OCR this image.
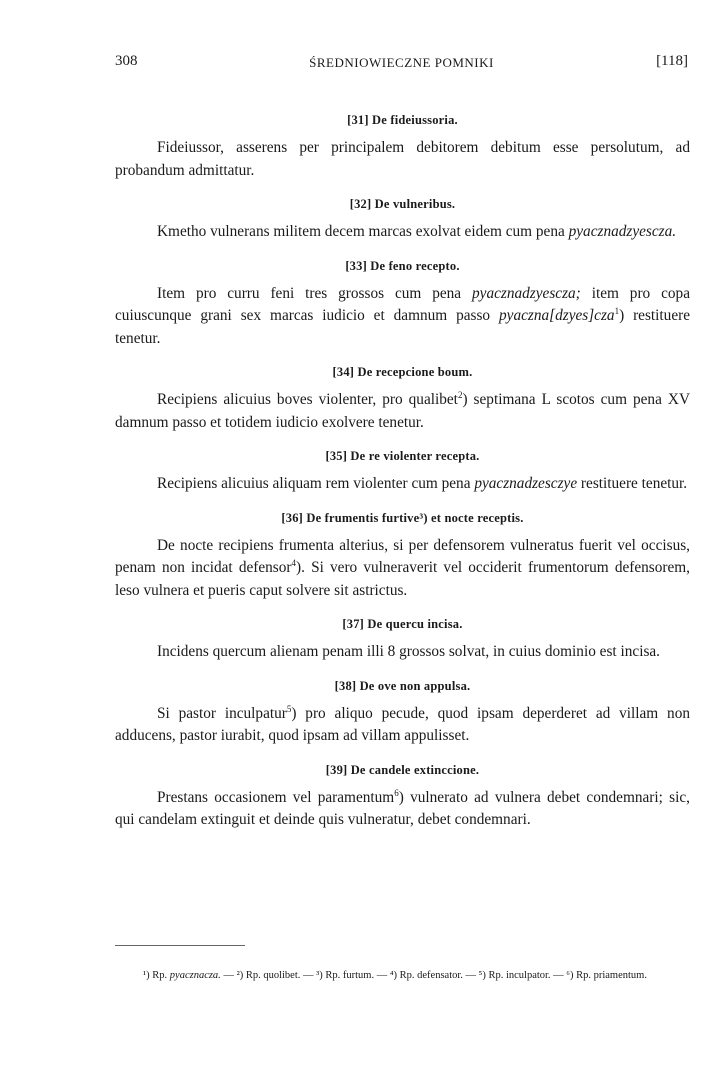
308	ŚREDNIOWIECZNE POMNIKI	[118]
[31] De fideiussoria.

Fideiussor, asserens per principalem debitorem debitum esse persolutum, ad probandum admittatur.

[32] De vulneribus.

Kmetho vulnerans militem decem marcas exolvat eidem cum pena pyacznadzyescza.

[33] De feno recepto.

Item pro curru feni tres grossos cum pena pyacznadzyescza; item pro copa cuiuscunque grani sex marcas iudicio et damnum passo pyaczna[dzyes]cza$^1$) restituere tenetur.

[34] De recepcione boum.

Recipiens alicuius boves violenter, pro qualibet$^2$) septimana L scotos cum pena XV damnum passo et totidem iudicio exolvere tenetur.

[35] De re violenter recepta.

Recipiens alicuius aliquam rem violenter cum pena pyacznadzesczye restituere tenetur.

[36] De frumentis furtive³) et nocte receptis.

De nocte recipiens frumenta alterius, si per defensorem vulneratus fuerit vel occisus, penam non incidat defensor$^4$). Si vero vulneraverit vel occiderit frumentorum defensorem, leso vulnera et pueris caput solvere sit astrictus.

[37] De quercu incisa.

Incidens quercum alienam penam illi 8 grossos solvat, in cuius dominio est incisa.

[38] De ove non appulsa.

Si pastor inculpatur$^5$) pro aliquo pecude, quod ipsam deperderet ad villam non adducens, pastor iurabit, quod ipsam ad villam appulisset.

[39] De candele extinccione.

Prestans occasionem vel paramentum$^6$) vulnerato ad vulnera debet condemnari; sic, qui candelam extinguit et deinde quis vulneratur, debet condemnari.

¹) Rp. pyacznacza. — ²) Rp. quolibet. — ³) Rp. furtum. — ⁴) Rp. defensator. — ⁵) Rp. inculpator. — ⁶) Rp. priamentum.
